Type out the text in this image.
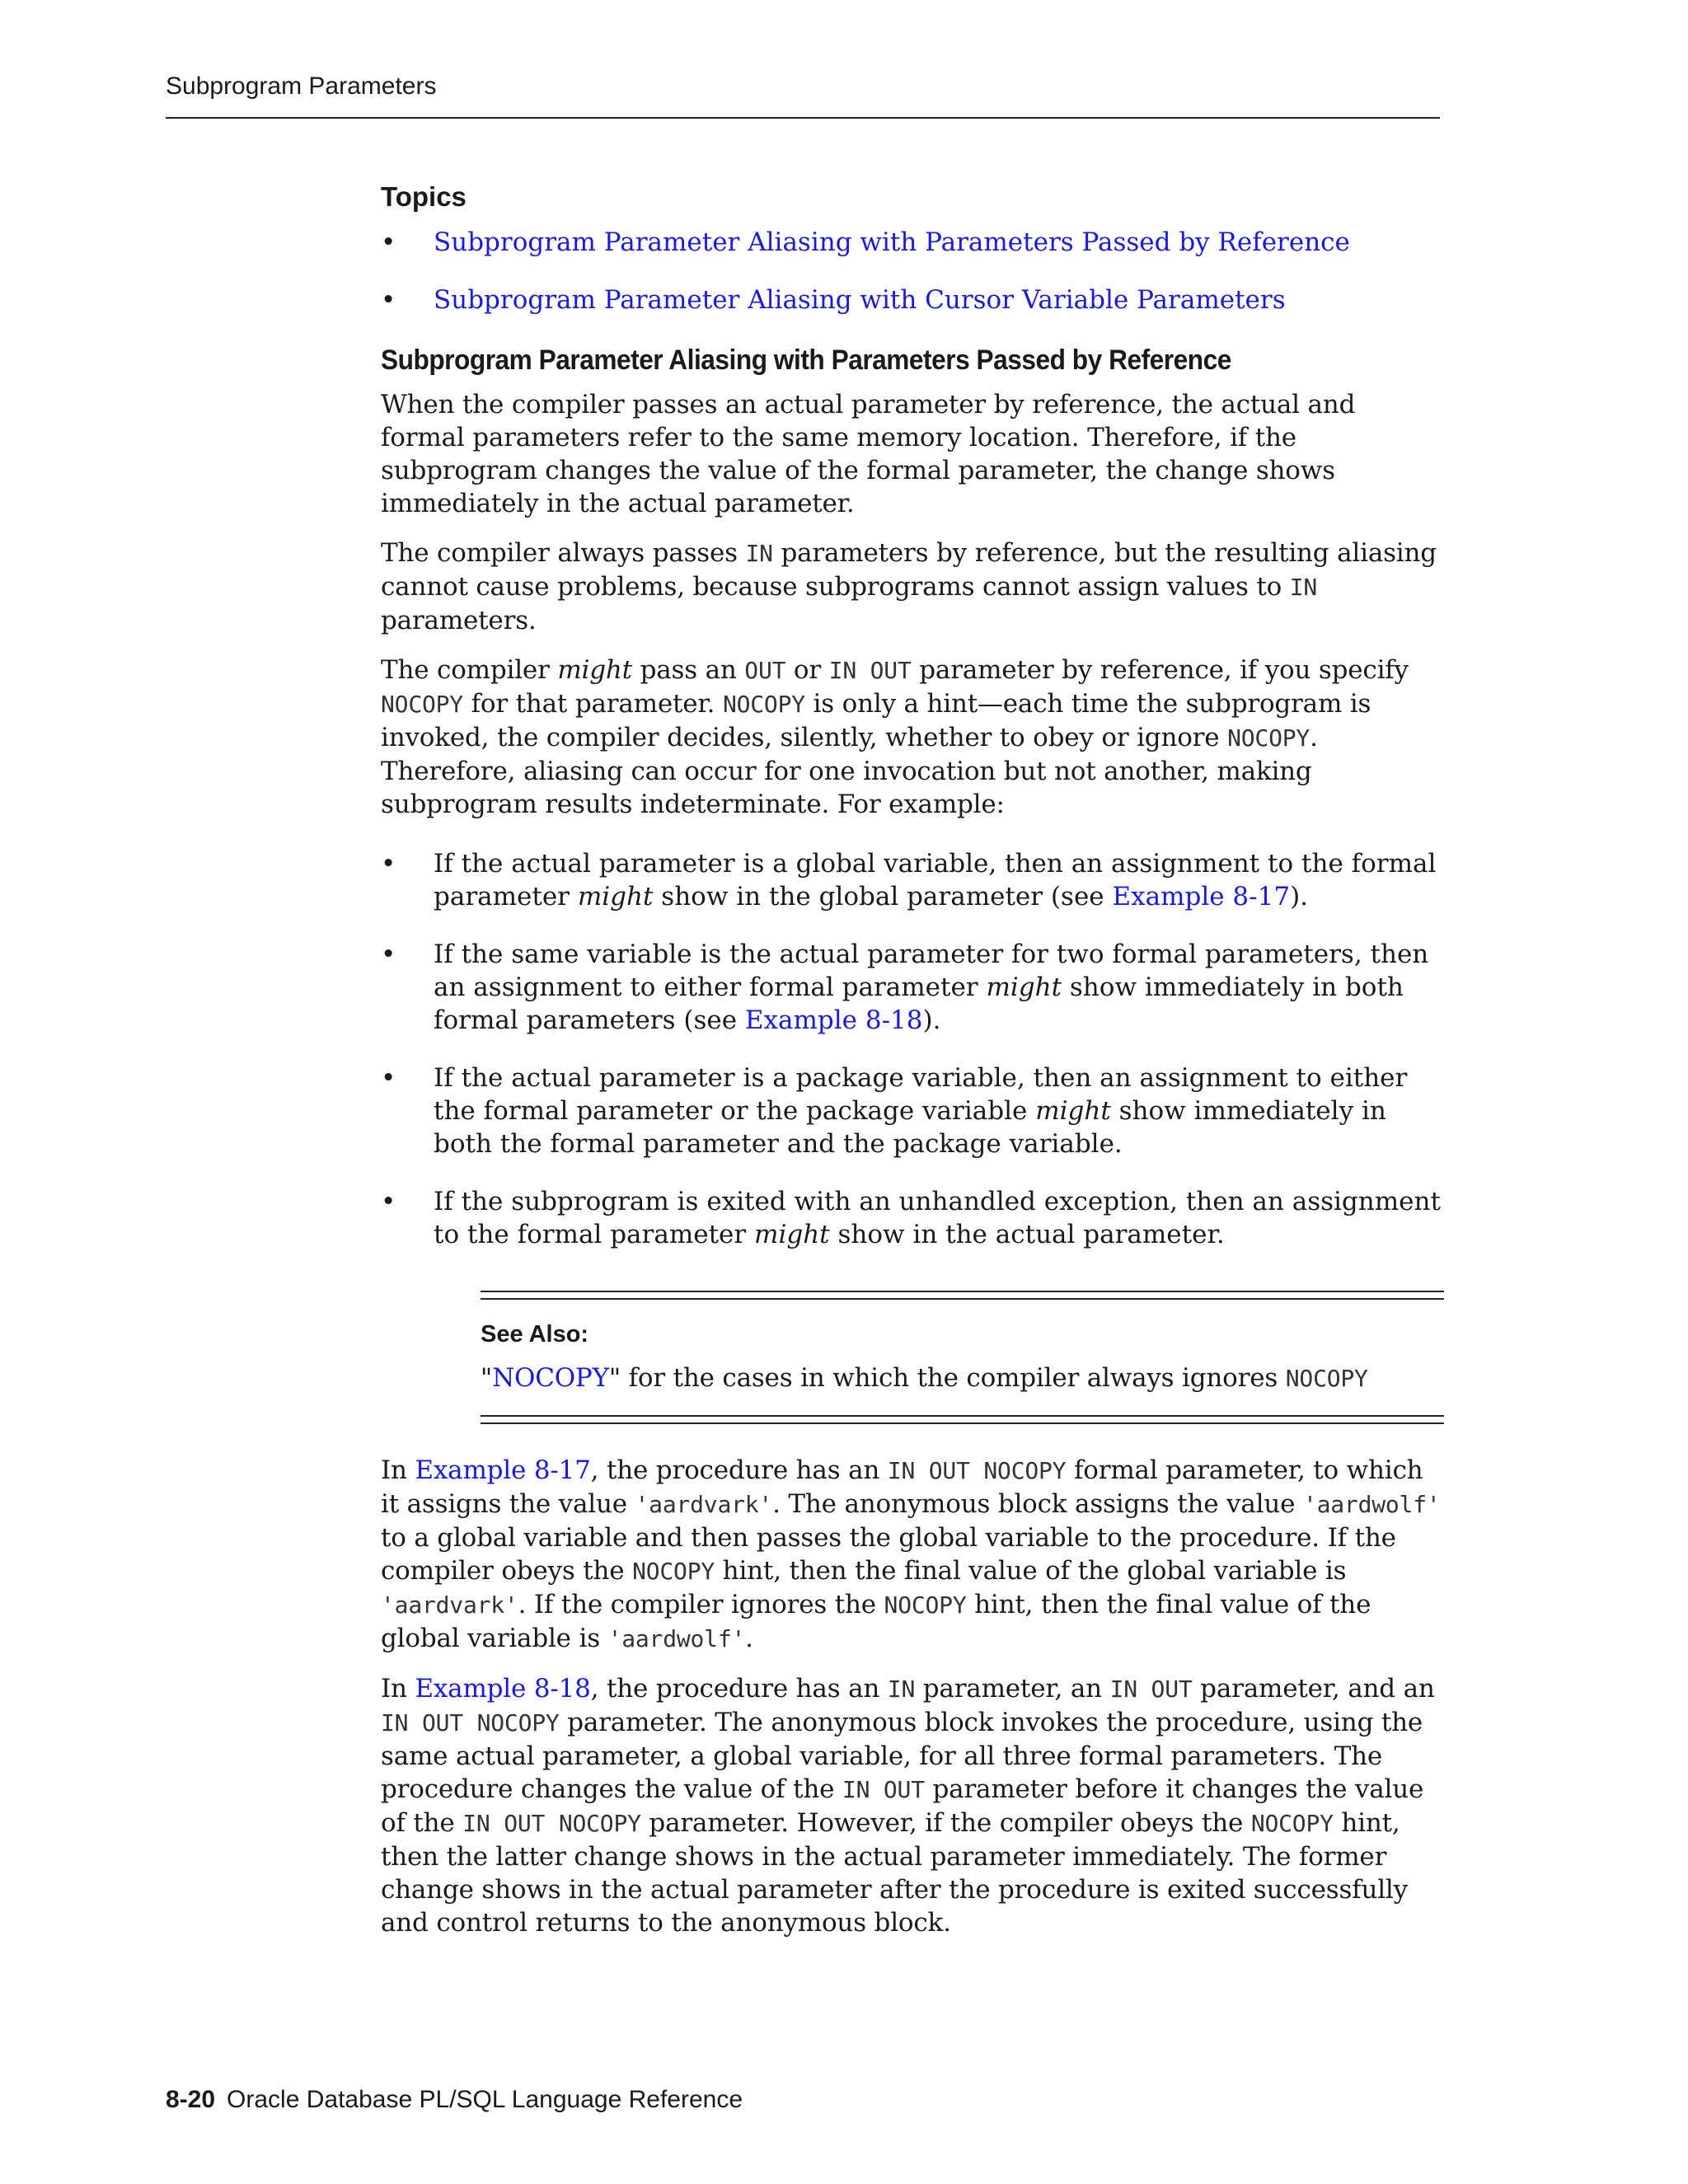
Subprogram Parameters
Topics
• Subprogram Parameter Aliasing with Parameters Passed by Reference
• Subprogram Parameter Aliasing with Cursor Variable Parameters
Subprogram Parameter Aliasing with Parameters Passed by Reference

When the compiler passes an actual parameter by reference, the actual and formal parameters refer to the same memory location. Therefore, if the subprogram changes the value of the formal parameter, the change shows immediately in the actual parameter.

The compiler always passes IN parameters by reference, but the resulting aliasing cannot cause problems, because subprograms cannot assign values to IN parameters.

The compiler might pass an OUT or IN OUT parameter by reference, if you specify NOCOPY for that parameter. NOCOPY is only a hint—each time the subprogram is invoked, the compiler decides, silently, whether to obey or ignore NOCOPY. Therefore, aliasing can occur for one invocation but not another, making subprogram results indeterminate. For example:

• If the actual parameter is a global variable, then an assignment to the formal parameter might show in the global parameter (see Example 8-17).
• If the same variable is the actual parameter for two formal parameters, then an assignment to either formal parameter might show immediately in both formal parameters (see Example 8-18).
• If the actual parameter is a package variable, then an assignment to either the formal parameter or the package variable might show immediately in both the formal parameter and the package variable.
• If the subprogram is exited with an unhandled exception, then an assignment to the formal parameter might show in the actual parameter.
See Also:

"NOCOPY" for the cases in which the compiler always ignores NOCOPY

In Example 8-17, the procedure has an IN OUT NOCOPY formal parameter, to which it assigns the value 'aardvark'. The anonymous block assigns the value 'aardwolf' to a global variable and then passes the global variable to the procedure. If the compiler obeys the NOCOPY hint, then the final value of the global variable is 'aardvark'. If the compiler ignores the NOCOPY hint, then the final value of the global variable is 'aardwolf'.

In Example 8-18, the procedure has an IN parameter, an IN OUT parameter, and an IN OUT NOCOPY parameter. The anonymous block invokes the procedure, using the same actual parameter, a global variable, for all three formal parameters. The procedure changes the value of the IN OUT parameter before it changes the value of the IN OUT NOCOPY parameter. However, if the compiler obeys the NOCOPY hint, then the latter change shows in the actual parameter immediately. The former change shows in the actual parameter after the procedure is exited successfully and control returns to the anonymous block.

8-20 Oracle Database PL/SQL Language Reference
